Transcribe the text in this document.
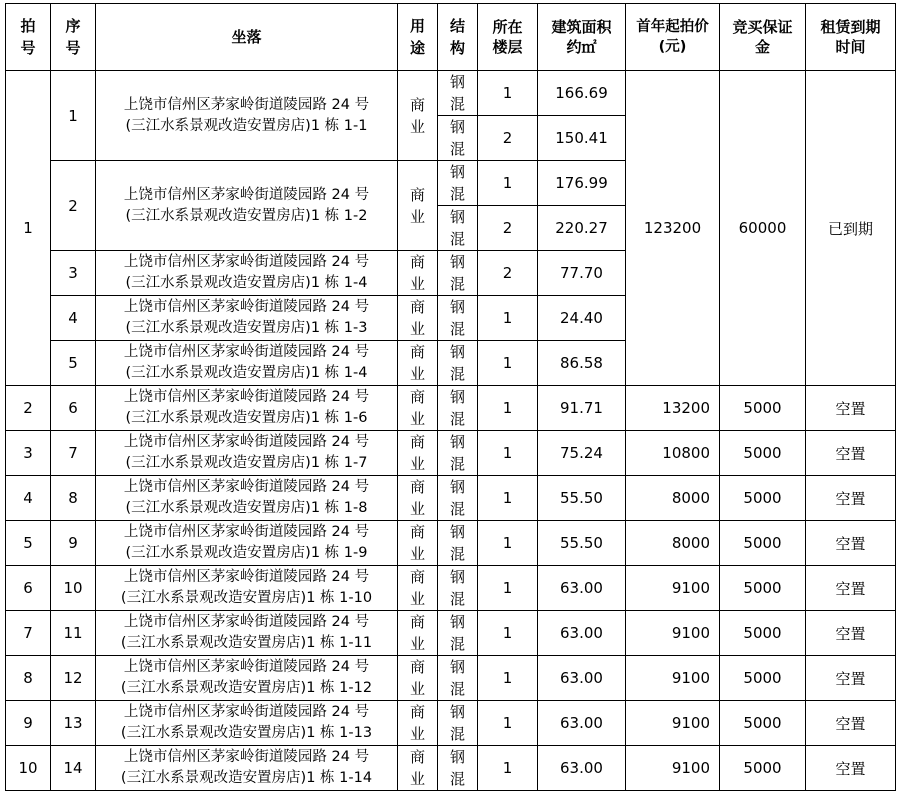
拍号	序号	坐落	用途	结构	所在楼层	建筑面积约㎡	首年起拍价(元)	竞买保证金	租赁到期时间
1	1	上饶市信州区茅家岭街道陵园路 24 号
(三江水系景观改造安置房店)1 栋 1-1	商业	钢混	1	166.69	123200	60000	已到期
				钢混	2	150.41			
	2	上饶市信州区茅家岭街道陵园路 24 号
(三江水系景观改造安置房店)1 栋 1-2	商业	钢混	1	176.99			
				钢混	2	220.27			
	3	上饶市信州区茅家岭街道陵园路 24 号
(三江水系景观改造安置房店)1 栋 1-4	商业	钢混	2	77.70			
	4	上饶市信州区茅家岭街道陵园路 24 号
(三江水系景观改造安置房店)1 栋 1-3	商业	钢混	1	24.40			
	5	上饶市信州区茅家岭街道陵园路 24 号
(三江水系景观改造安置房店)1 栋 1-4	商业	钢混	1	86.58			
2	6	上饶市信州区茅家岭街道陵园路 24 号
(三江水系景观改造安置房店)1 栋 1-6	商业	钢混	1	91.71	13200	5000	空置
3	7	上饶市信州区茅家岭街道陵园路 24 号
(三江水系景观改造安置房店)1 栋 1-7	商业	钢混	1	75.24	10800	5000	空置
4	8	上饶市信州区茅家岭街道陵园路 24 号
(三江水系景观改造安置房店)1 栋 1-8	商业	钢混	1	55.50	8000	5000	空置
5	9	上饶市信州区茅家岭街道陵园路 24 号
(三江水系景观改造安置房店)1 栋 1-9	商业	钢混	1	55.50	8000	5000	空置
6	10	上饶市信州区茅家岭街道陵园路 24 号
(三江水系景观改造安置房店)1 栋 1-10	商业	钢混	1	63.00	9100	5000	空置
7	11	上饶市信州区茅家岭街道陵园路 24 号
(三江水系景观改造安置房店)1 栋 1-11	商业	钢混	1	63.00	9100	5000	空置
8	12	上饶市信州区茅家岭街道陵园路 24 号
(三江水系景观改造安置房店)1 栋 1-12	商业	钢混	1	63.00	9100	5000	空置
9	13	上饶市信州区茅家岭街道陵园路 24 号
(三江水系景观改造安置房店)1 栋 1-13	商业	钢混	1	63.00	9100	5000	空置
10	14	上饶市信州区茅家岭街道陵园路 24 号
(三江水系景观改造安置房店)1 栋 1-14	商业	钢混	1	63.00	9100	5000	空置
